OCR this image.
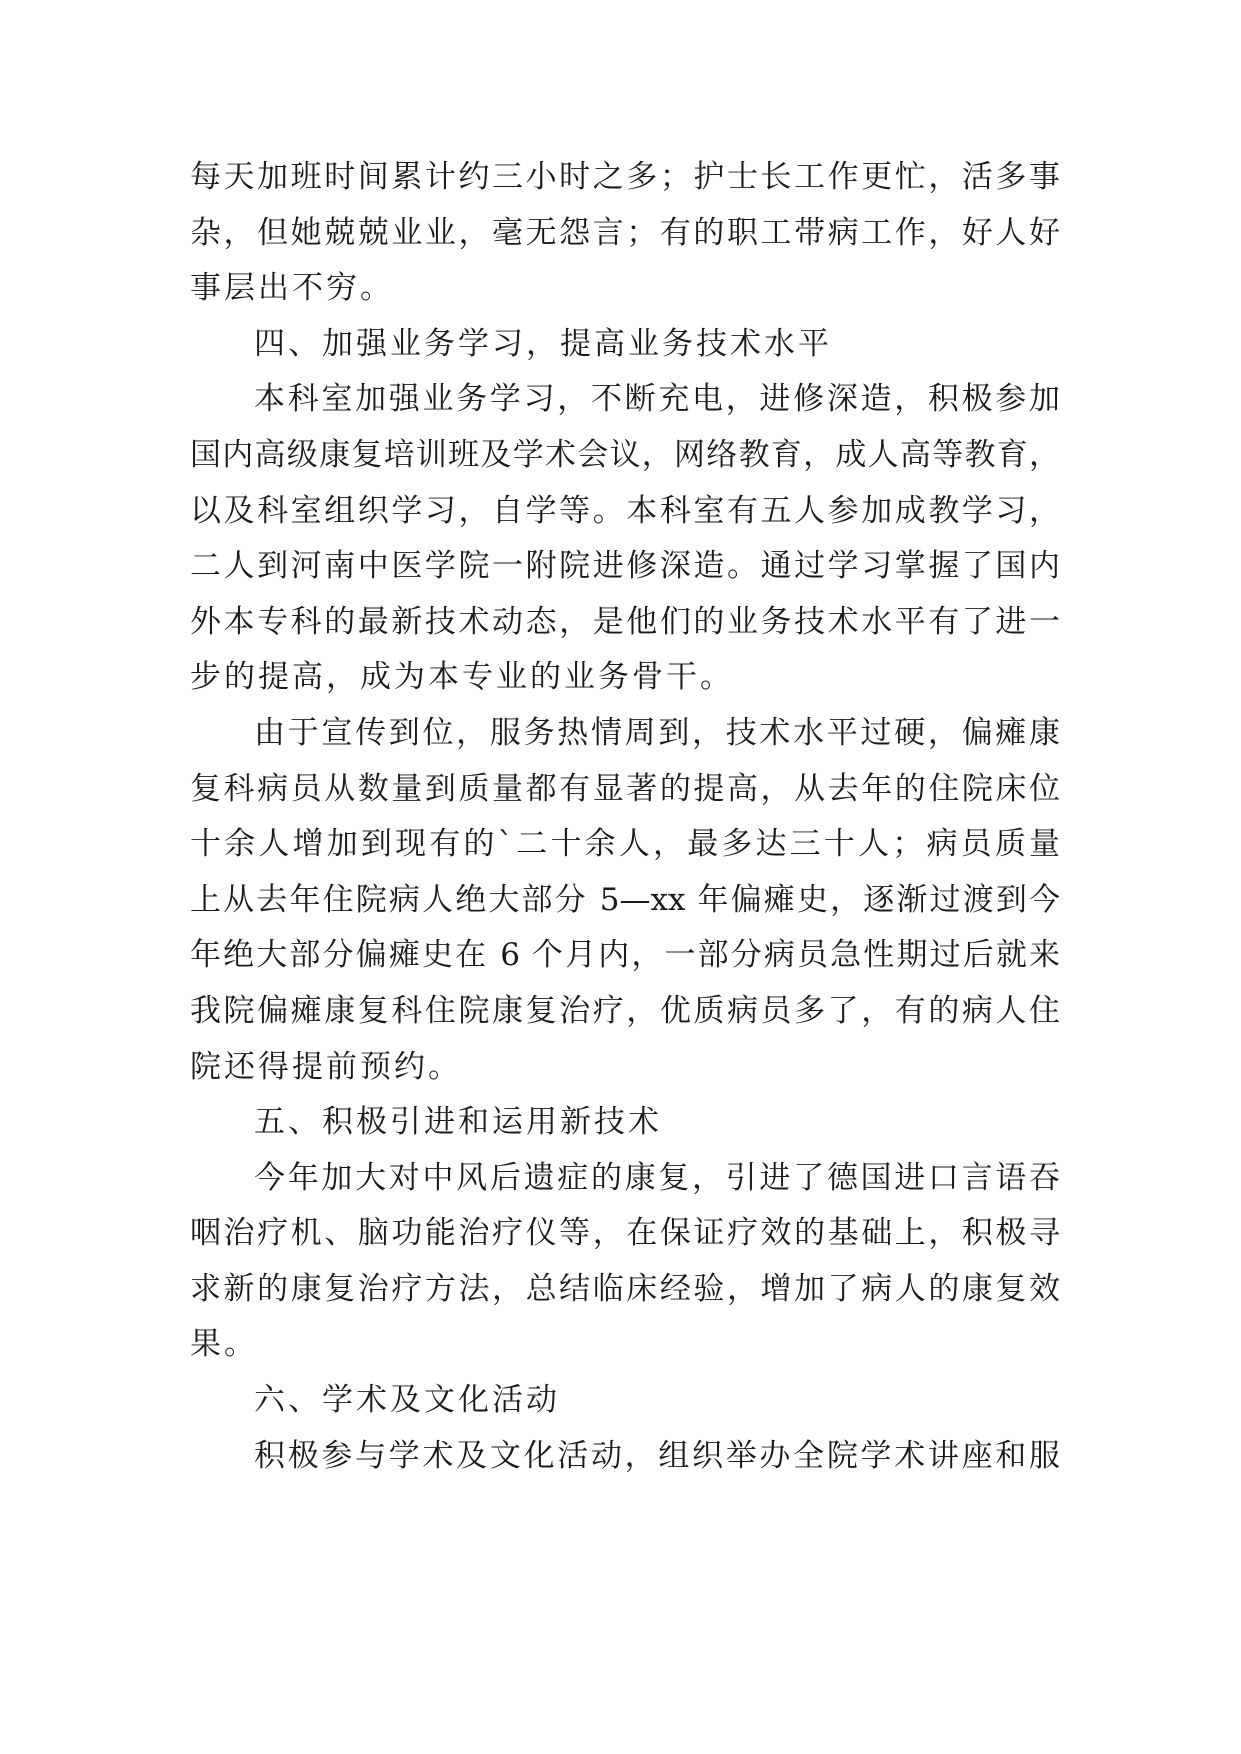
每天加班时间累计约三小时之多；护士长工作更忙，活多事
杂，但她兢兢业业，毫无怨言；有的职工带病工作，好人好
事层出不穷。
四、加强业务学习，提高业务技术水平
本科室加强业务学习，不断充电，进修深造，积极参加
国内高级康复培训班及学术会议，网络教育，成人高等教育，
以及科室组织学习，自学等。本科室有五人参加成教学习，
二人到河南中医学院一附院进修深造。通过学习掌握了国内
外本专科的最新技术动态，是他们的业务技术水平有了进一
步的提高，成为本专业的业务骨干。
由于宣传到位，服务热情周到，技术水平过硬，偏瘫康
复科病员从数量到质量都有显著的提高，从去年的住院床位
十余人增加到现有的`二十余人，最多达三十人；病员质量
上从去年住院病人绝大部分 5—xx 年偏瘫史，逐渐过渡到今
年绝大部分偏瘫史在 6 个月内，一部分病员急性期过后就来
我院偏瘫康复科住院康复治疗，优质病员多了，有的病人住
院还得提前预约。
五、积极引进和运用新技术
今年加大对中风后遗症的康复，引进了德国进口言语吞
咽治疗机、脑功能治疗仪等，在保证疗效的基础上，积极寻
求新的康复治疗方法，总结临床经验，增加了病人的康复效
果。
六、学术及文化活动
积极参与学术及文化活动，组织举办全院学术讲座和服
